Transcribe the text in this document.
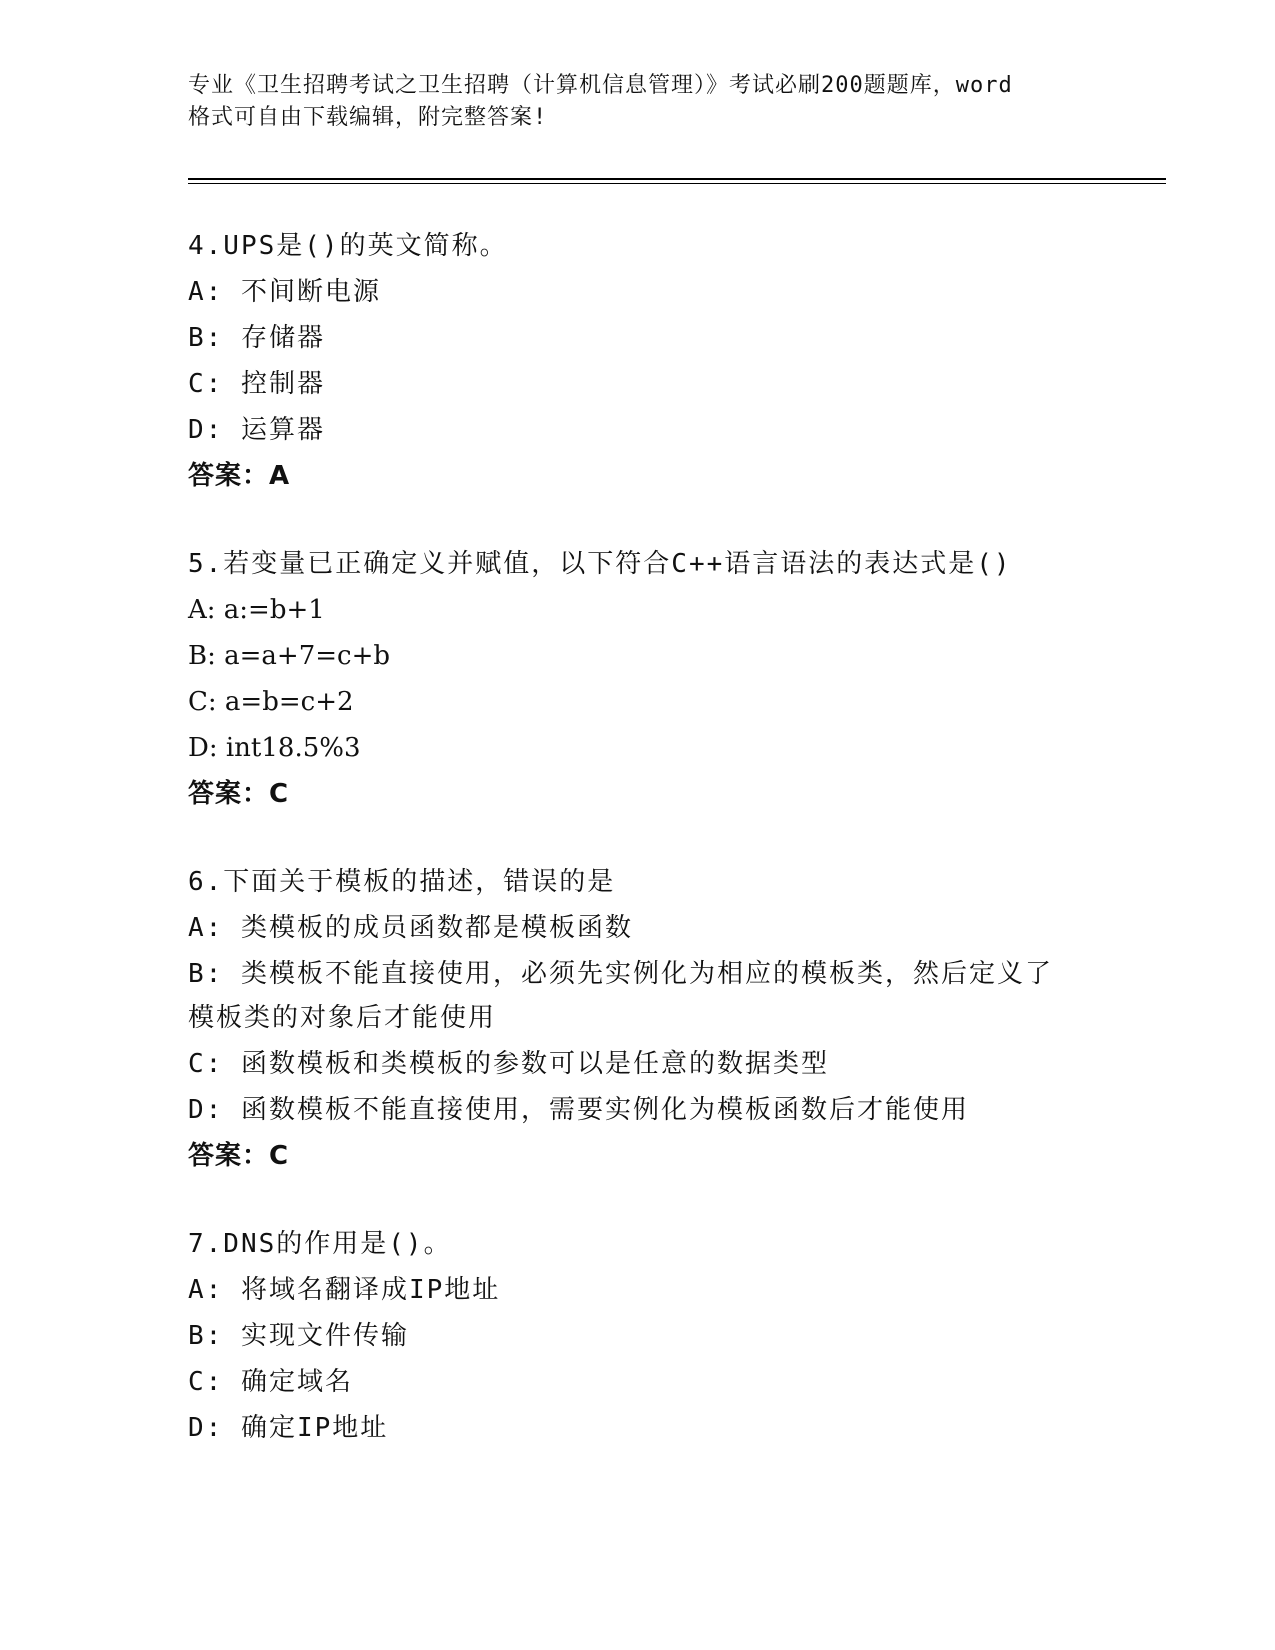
专业《卫生招聘考试之卫生招聘（计算机信息管理）》考试必刷200题题库，word
格式可自由下载编辑，附完整答案!
4.UPS是()的英文简称。
A: 不间断电源
B: 存储器
C: 控制器
D: 运算器
答案：A
5.若变量已正确定义并赋值，以下符合C++语言语法的表达式是()
A: a:=b+1
B: a=a+7=c+b
C: a=b=c+2
D: int18.5%3
答案：C
6.下面关于模板的描述，错误的是
A: 类模板的成员函数都是模板函数
B: 类模板不能直接使用，必须先实例化为相应的模板类，然后定义了
模板类的对象后才能使用
C: 函数模板和类模板的参数可以是任意的数据类型
D: 函数模板不能直接使用，需要实例化为模板函数后才能使用
答案：C
7.DNS的作用是()。
A: 将域名翻译成IP地址
B: 实现文件传输
C: 确定域名
D: 确定IP地址
